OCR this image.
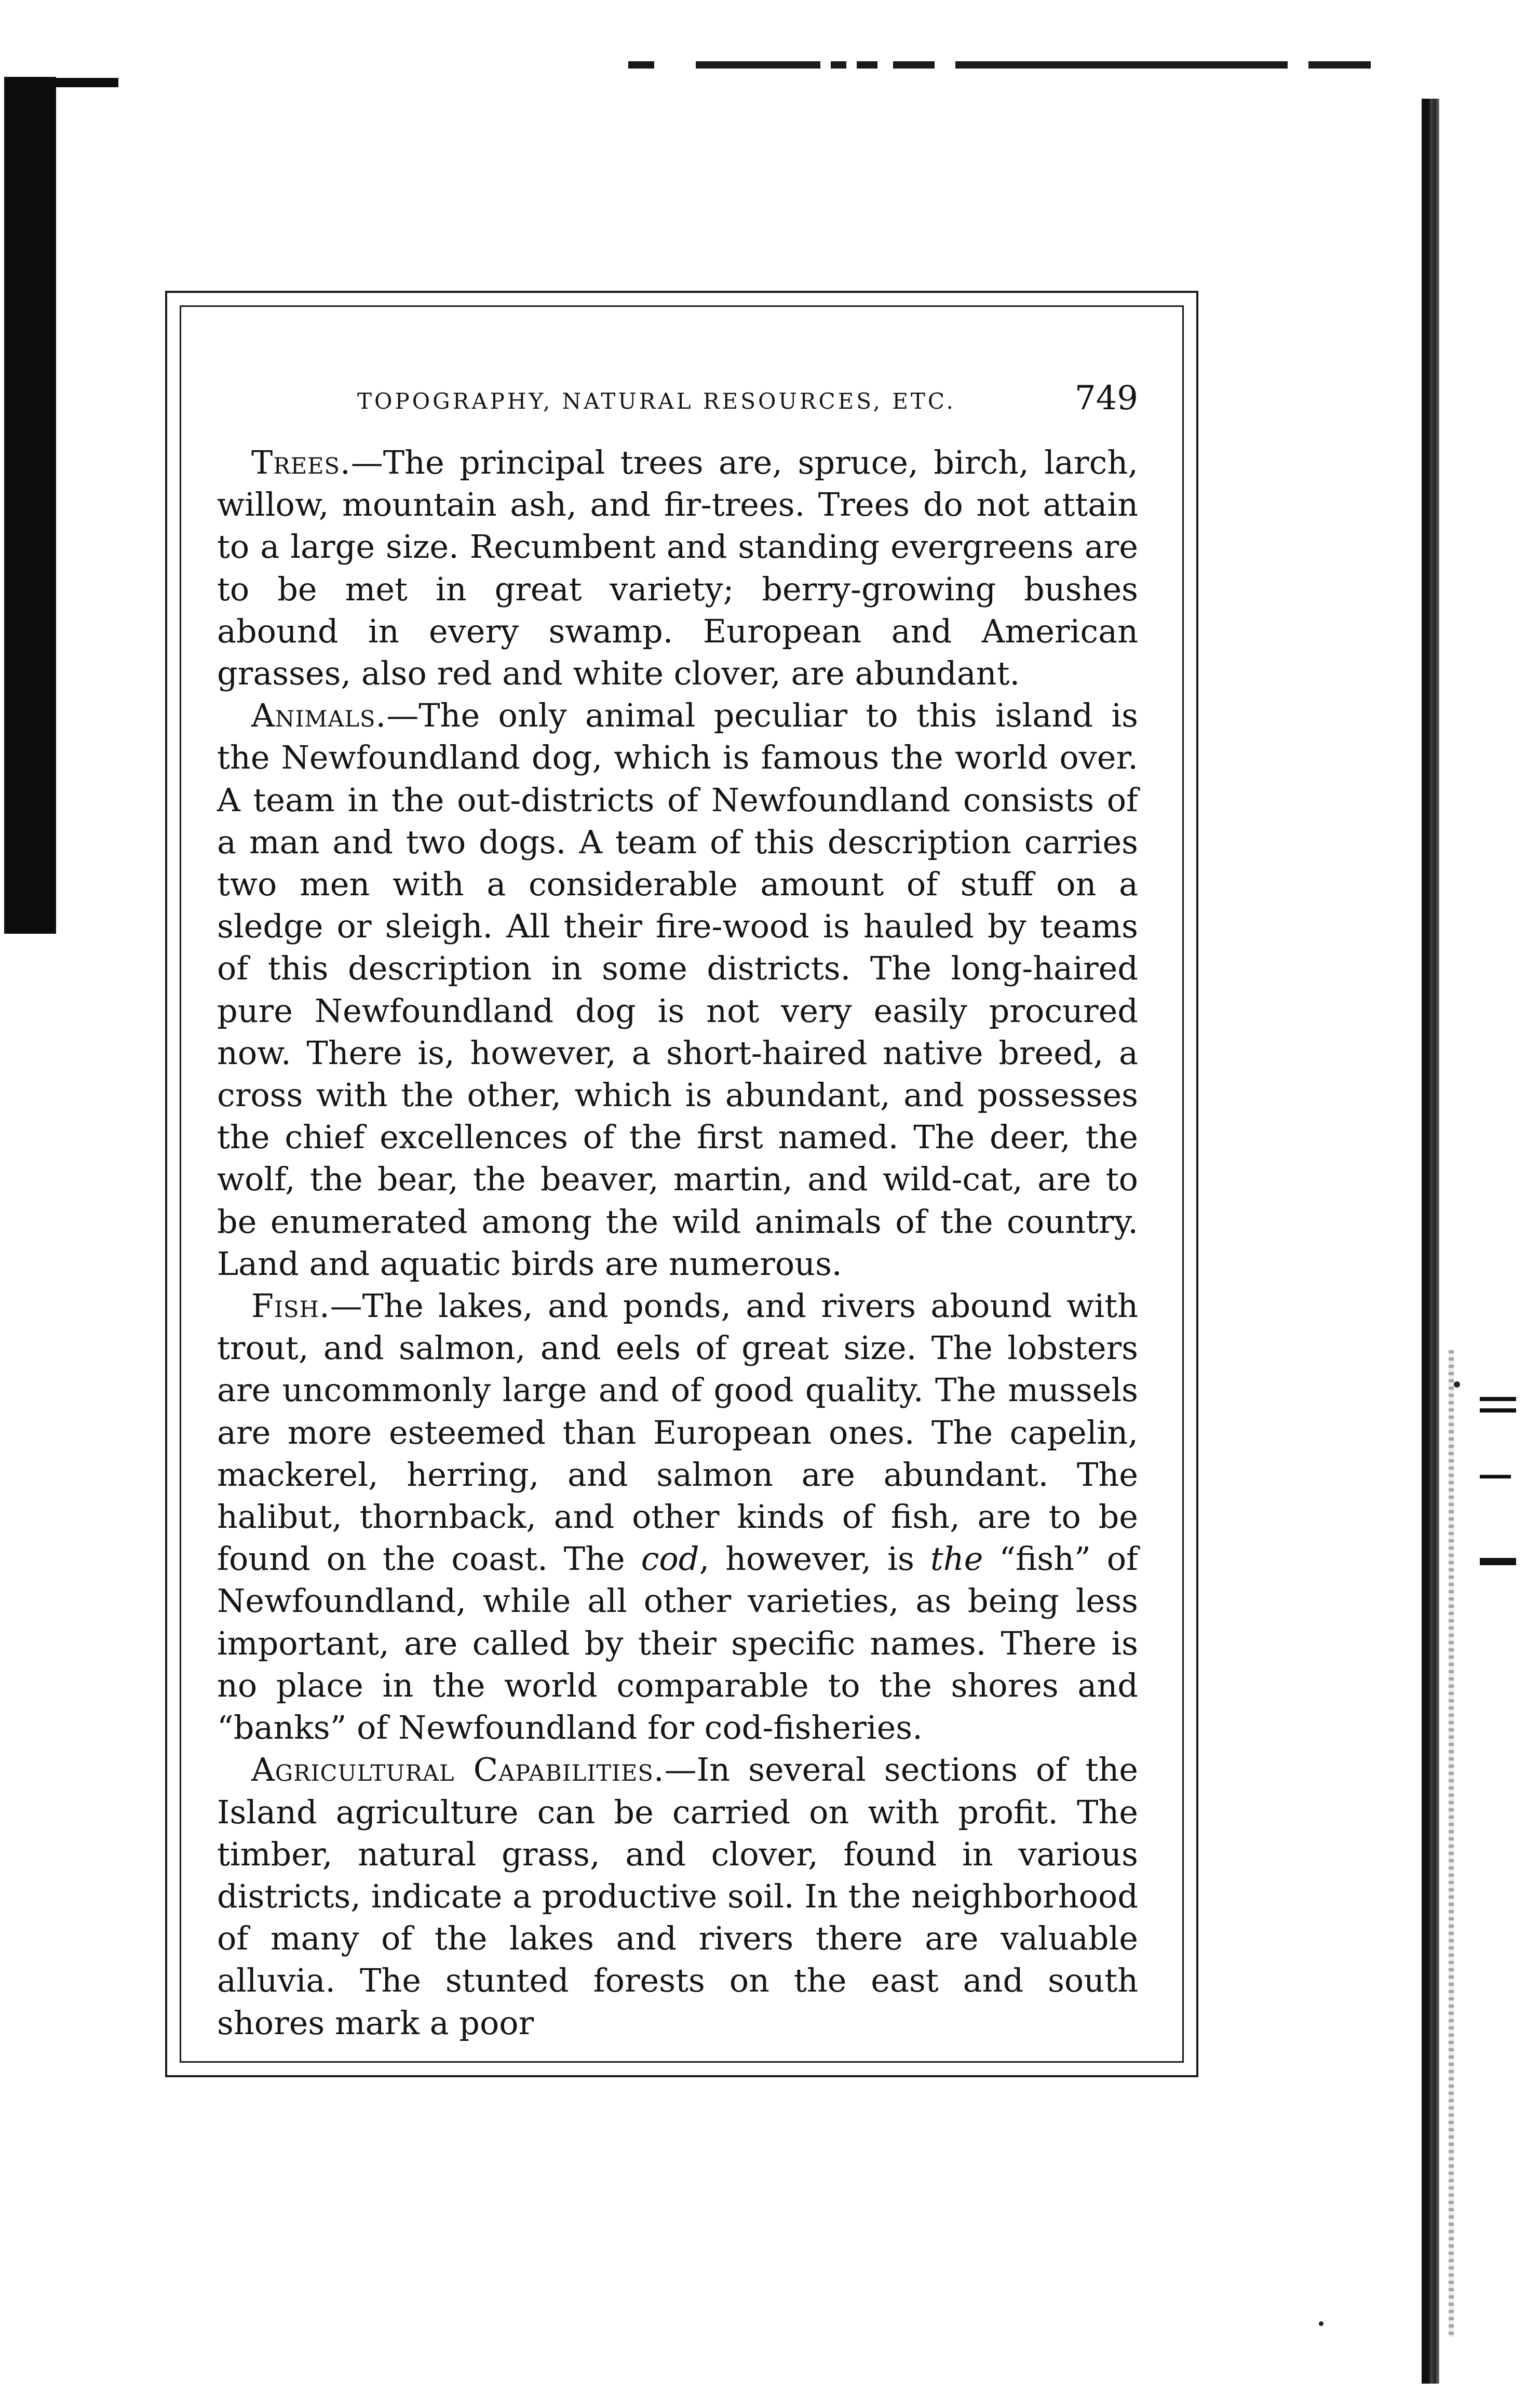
TOPOGRAPHY, NATURAL RESOURCES, ETC.	749

Trees.—The principal trees are, spruce, birch, larch, willow, mountain ash, and fir-trees. Trees do not attain to a large size. Recumbent and standing evergreens are to be met in great variety; berry-growing bushes abound in every swamp. European and American grasses, also red and white clover, are abundant.

Animals.—The only animal peculiar to this island is the Newfoundland dog, which is famous the world over. A team in the out-districts of Newfoundland consists of a man and two dogs. A team of this description carries two men with a considerable amount of stuff on a sledge or sleigh. All their fire-wood is hauled by teams of this description in some districts. The long-haired pure Newfoundland dog is not very easily procured now. There is, however, a short-haired native breed, a cross with the other, which is abundant, and possesses the chief excellences of the first named. The deer, the wolf, the bear, the beaver, martin, and wild-cat, are to be enumerated among the wild animals of the country. Land and aquatic birds are numerous.

Fish.—The lakes, and ponds, and rivers abound with trout, and salmon, and eels of great size. The lobsters are uncommonly large and of good quality. The mussels are more esteemed than European ones. The capelin, mackerel, herring, and salmon are abundant. The halibut, thornback, and other kinds of fish, are to be found on the coast. The cod, however, is the “fish” of Newfoundland, while all other varieties, as being less important, are called by their specific names. There is no place in the world comparable to the shores and “banks” of Newfoundland for cod-fisheries.

Agricultural Capabilities.—In several sections of the Island agriculture can be carried on with profit. The timber, natural grass, and clover, found in various districts, indicate a productive soil. In the neighborhood of many of the lakes and rivers there are valuable alluvia. The stunted forests on the east and south shores mark a poor
